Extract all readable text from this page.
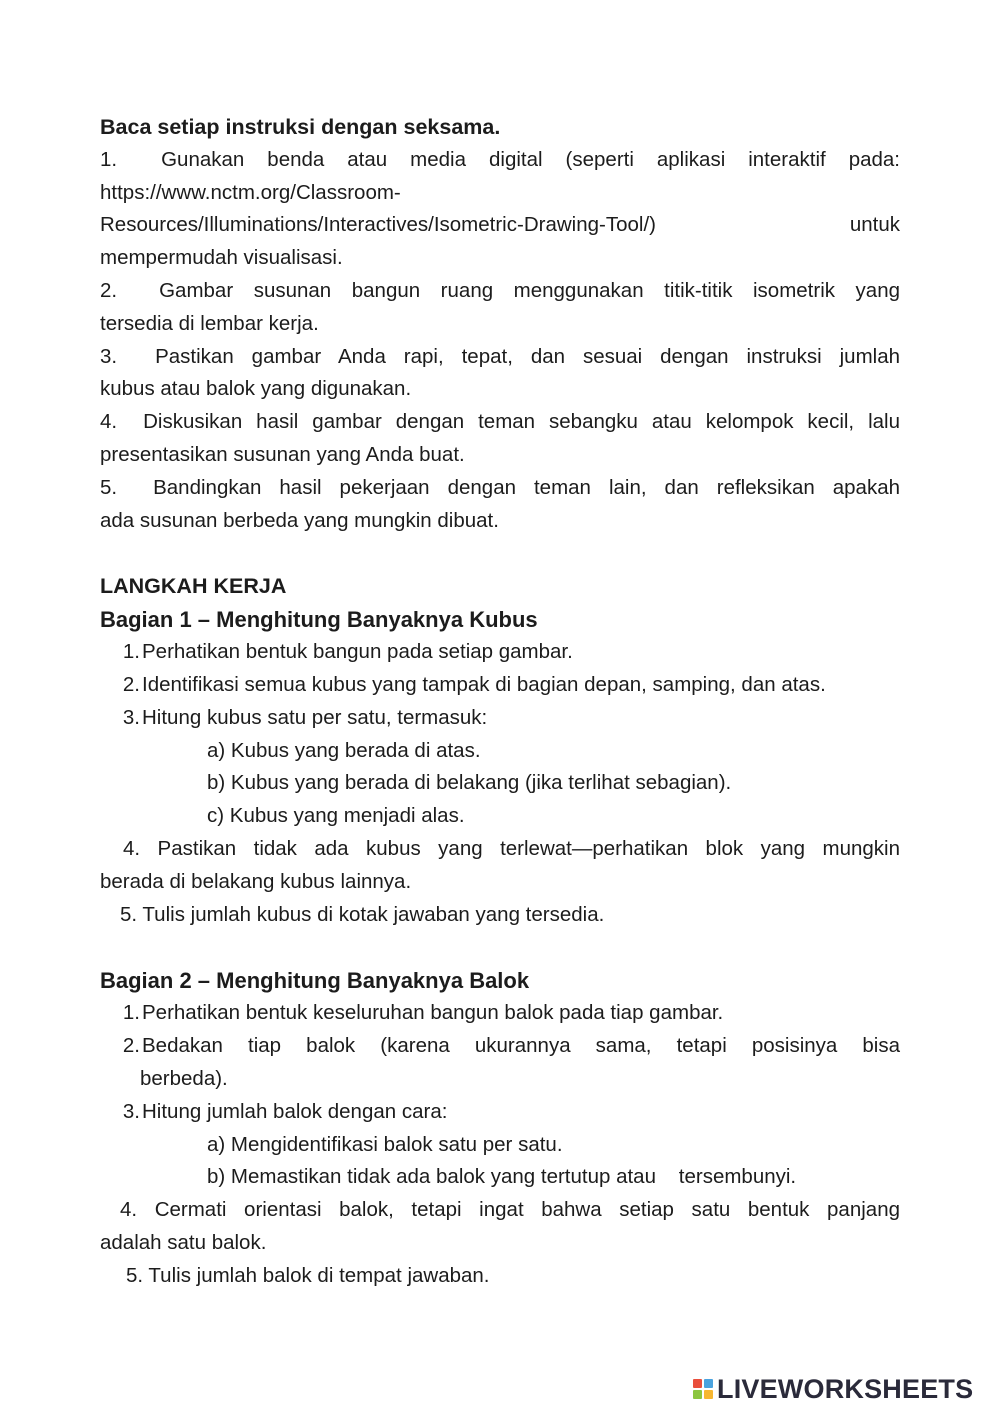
Baca setiap instruksi dengan seksama.
1. Gunakan benda atau media digital (seperti aplikasi interaktif pada:
https://www.nctm.org/Classroom-
Resources/Illuminations/Interactives/Isometric-Drawing-Tool/)	untuk
mempermudah visualisasi.
2. Gambar susunan bangun ruang menggunakan titik-titik isometrik yang
tersedia di lembar kerja.
3. Pastikan gambar Anda rapi, tepat, dan sesuai dengan instruksi jumlah
kubus atau balok yang digunakan.
4. Diskusikan hasil gambar dengan teman sebangku atau kelompok kecil, lalu
presentasikan susunan yang Anda buat.
5. Bandingkan hasil pekerjaan dengan teman lain, dan refleksikan apakah
ada susunan berbeda yang mungkin dibuat.
LANGKAH KERJA
Bagian 1 – Menghitung Banyaknya Kubus
1. Perhatikan bentuk bangun pada setiap gambar.
2. Identifikasi semua kubus yang tampak di bagian depan, samping, dan atas.
3. Hitung kubus satu per satu, termasuk:
a) Kubus yang berada di atas.
b) Kubus yang berada di belakang (jika terlihat sebagian).
c) Kubus yang menjadi alas.
4. Pastikan tidak ada kubus yang terlewat—perhatikan blok yang mungkin
berada di belakang kubus lainnya.
5. Tulis jumlah kubus di kotak jawaban yang tersedia.
Bagian 2 – Menghitung Banyaknya Balok
1. Perhatikan bentuk keseluruhan bangun balok pada tiap gambar.
2. Bedakan tiap balok (karena ukurannya sama, tetapi posisinya bisa
berbeda).
3. Hitung jumlah balok dengan cara:
a) Mengidentifikasi balok satu per satu.
b) Memastikan tidak ada balok yang tertutup atau    tersembunyi.
4. Cermati orientasi balok, tetapi ingat bahwa setiap satu bentuk panjang
adalah satu balok.
5. Tulis jumlah balok di tempat jawaban.
LIVEWORKSHEETS
